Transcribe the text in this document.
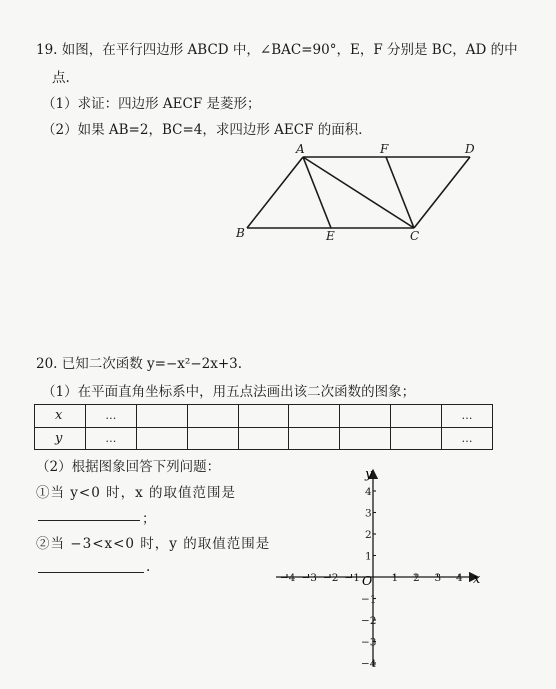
19. 如图，在平行四边形 ABCD 中，∠BAC=90°，E，F 分别是 BC，AD 的中
点.
（1）求证：四边形 AECF 是菱形；
（2）如果 AB=2，BC=4，求四边形 AECF 的面积．
A	F	D
B	E	C
20. 已知二次函数 y=−x²−2x+3.
（1）在平面直角坐标系中，用五点法画出该二次函数的图象；
x	…							…
y	…							…
（2）根据图象回答下列问题：
①当 y<0 时，x 的取值范围是
；
②当 −3<x<0 时，y 的取值范围是
.
−4 −3 −2 −1	1 2 3 4
4
3
2
1
−1
−2
−3
−4
x
y
O
